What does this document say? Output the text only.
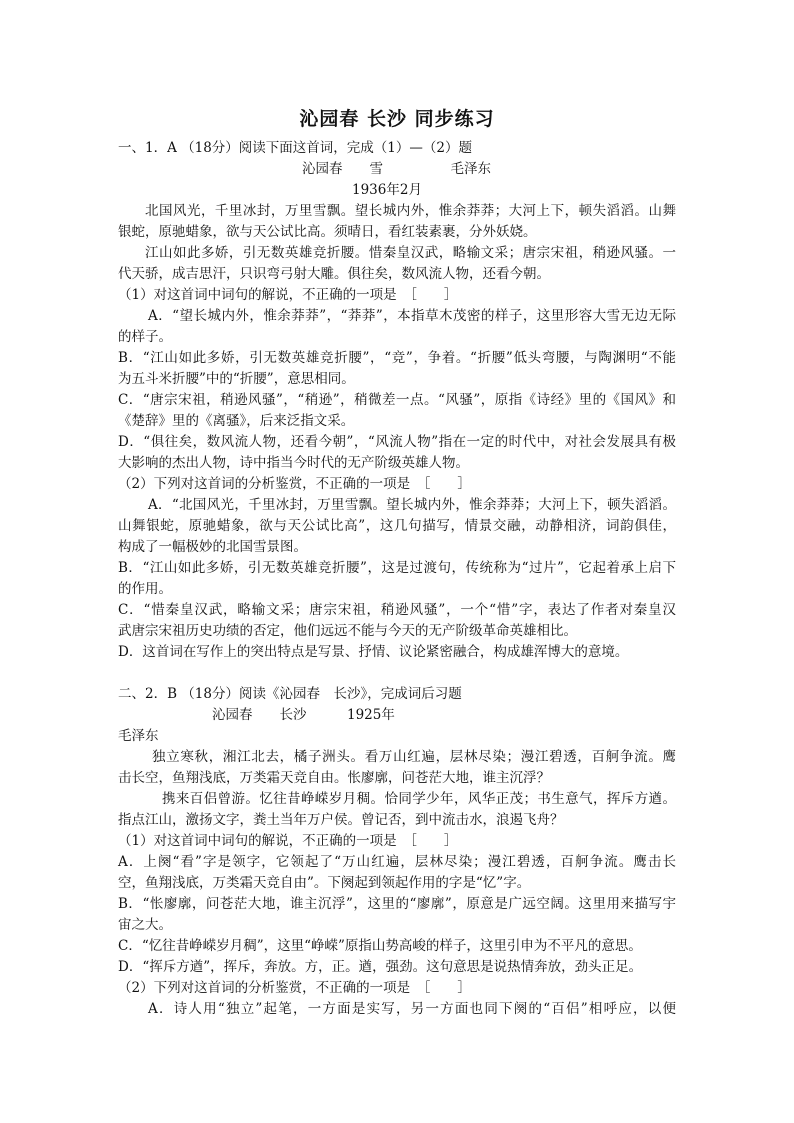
沁园春 长沙 同步练习
一、1．A （18分）阅读下面这首词，完成（1）—（2）题
沁园春　　雪　　　　　毛泽东
1936年2月
北国风光，千里冰封，万里雪飘。望长城内外，惟余莽莽；大河上下，顿失滔滔。山舞
银蛇，原驰蜡象，欲与天公试比高。须晴日，看红装素裹，分外妖娆。
江山如此多娇，引无数英雄竞折腰。惜秦皇汉武，略输文采；唐宗宋祖，稍逊风骚。一
代天骄，成吉思汗，只识弯弓射大雕。俱往矣，数风流人物，还看今朝。
（1）对这首词中词句的解说，不正确的一项是　［　　］
A．“望长城内外，惟余莽莽”，“莽莽”，本指草木茂密的样子，这里形容大雪无边无际
的样子。
B．“江山如此多娇，引无数英雄竞折腰”，“竞”，争着。“折腰”低头弯腰，与陶渊明“不能
为五斗米折腰”中的“折腰”，意思相同。
C．“唐宗宋祖，稍逊风骚”，“稍逊”，稍微差一点。“风骚”，原指《诗经》里的《国风》和
《楚辞》里的《离骚》，后来泛指文采。
D．“俱往矣，数风流人物，还看今朝”，“风流人物”指在一定的时代中，对社会发展具有极
大影响的杰出人物，诗中指当今时代的无产阶级英雄人物。
（2）下列对这首词的分析鉴赏，不正确的一项是　［　　］
A．“北国风光，千里冰封，万里雪飘。望长城内外，惟余莽莽；大河上下，顿失滔滔。
山舞银蛇，原驰蜡象，欲与天公试比高”，这几句描写，情景交融，动静相济，词韵俱佳，
构成了一幅极妙的北国雪景图。
B．“江山如此多娇，引无数英雄竞折腰”，这是过渡句，传统称为“过片”，它起着承上启下
的作用。
C．“惜秦皇汉武，略输文采；唐宗宋祖，稍逊风骚”，一个“惜”字，表达了作者对秦皇汉
武唐宗宋祖历史功绩的否定，他们远远不能与今天的无产阶级革命英雄相比。
D．这首词在写作上的突出特点是写景、抒情、议论紧密融合，构成雄浑博大的意境。
二、2．B （18分）阅读《沁园春　长沙》，完成词后习题
沁园春　　长沙　　　1925年
毛泽东
独立寒秋，湘江北去，橘子洲头。看万山红遍，层林尽染；漫江碧透，百舸争流。鹰
击长空，鱼翔浅底，万类霜天竞自由。怅廖廓，问苍茫大地，谁主沉浮？
携来百侣曾游。忆往昔峥嵘岁月稠。恰同学少年，风华正茂；书生意气，挥斥方遒。
指点江山，激扬文字，粪土当年万户侯。曾记否，到中流击水，浪遏飞舟？
（1）对这首词中词句的解说，不正确的一项是　［　　］
A．上阕“看”字是领字，它领起了“万山红遍，层林尽染；漫江碧透，百舸争流。鹰击长
空，鱼翔浅底，万类霜天竞自由”。下阕起到领起作用的字是“忆”字。
B．“怅廖廓，问苍茫大地，谁主沉浮”，这里的“廖廓”，原意是广远空阔。这里用来描写宇
宙之大。
C．“忆往昔峥嵘岁月稠”，这里“峥嵘”原指山势高峻的样子，这里引申为不平凡的意思。
D．“挥斥方遒”，挥斥，奔放。方，正。遒，强劲。这句意思是说热情奔放，劲头正足。
（2）下列对这首词的分析鉴赏，不正确的一项是　［　　］
A．诗人用“独立”起笔，一方面是实写，另一方面也同下阕的“百侣”相呼应，以便
